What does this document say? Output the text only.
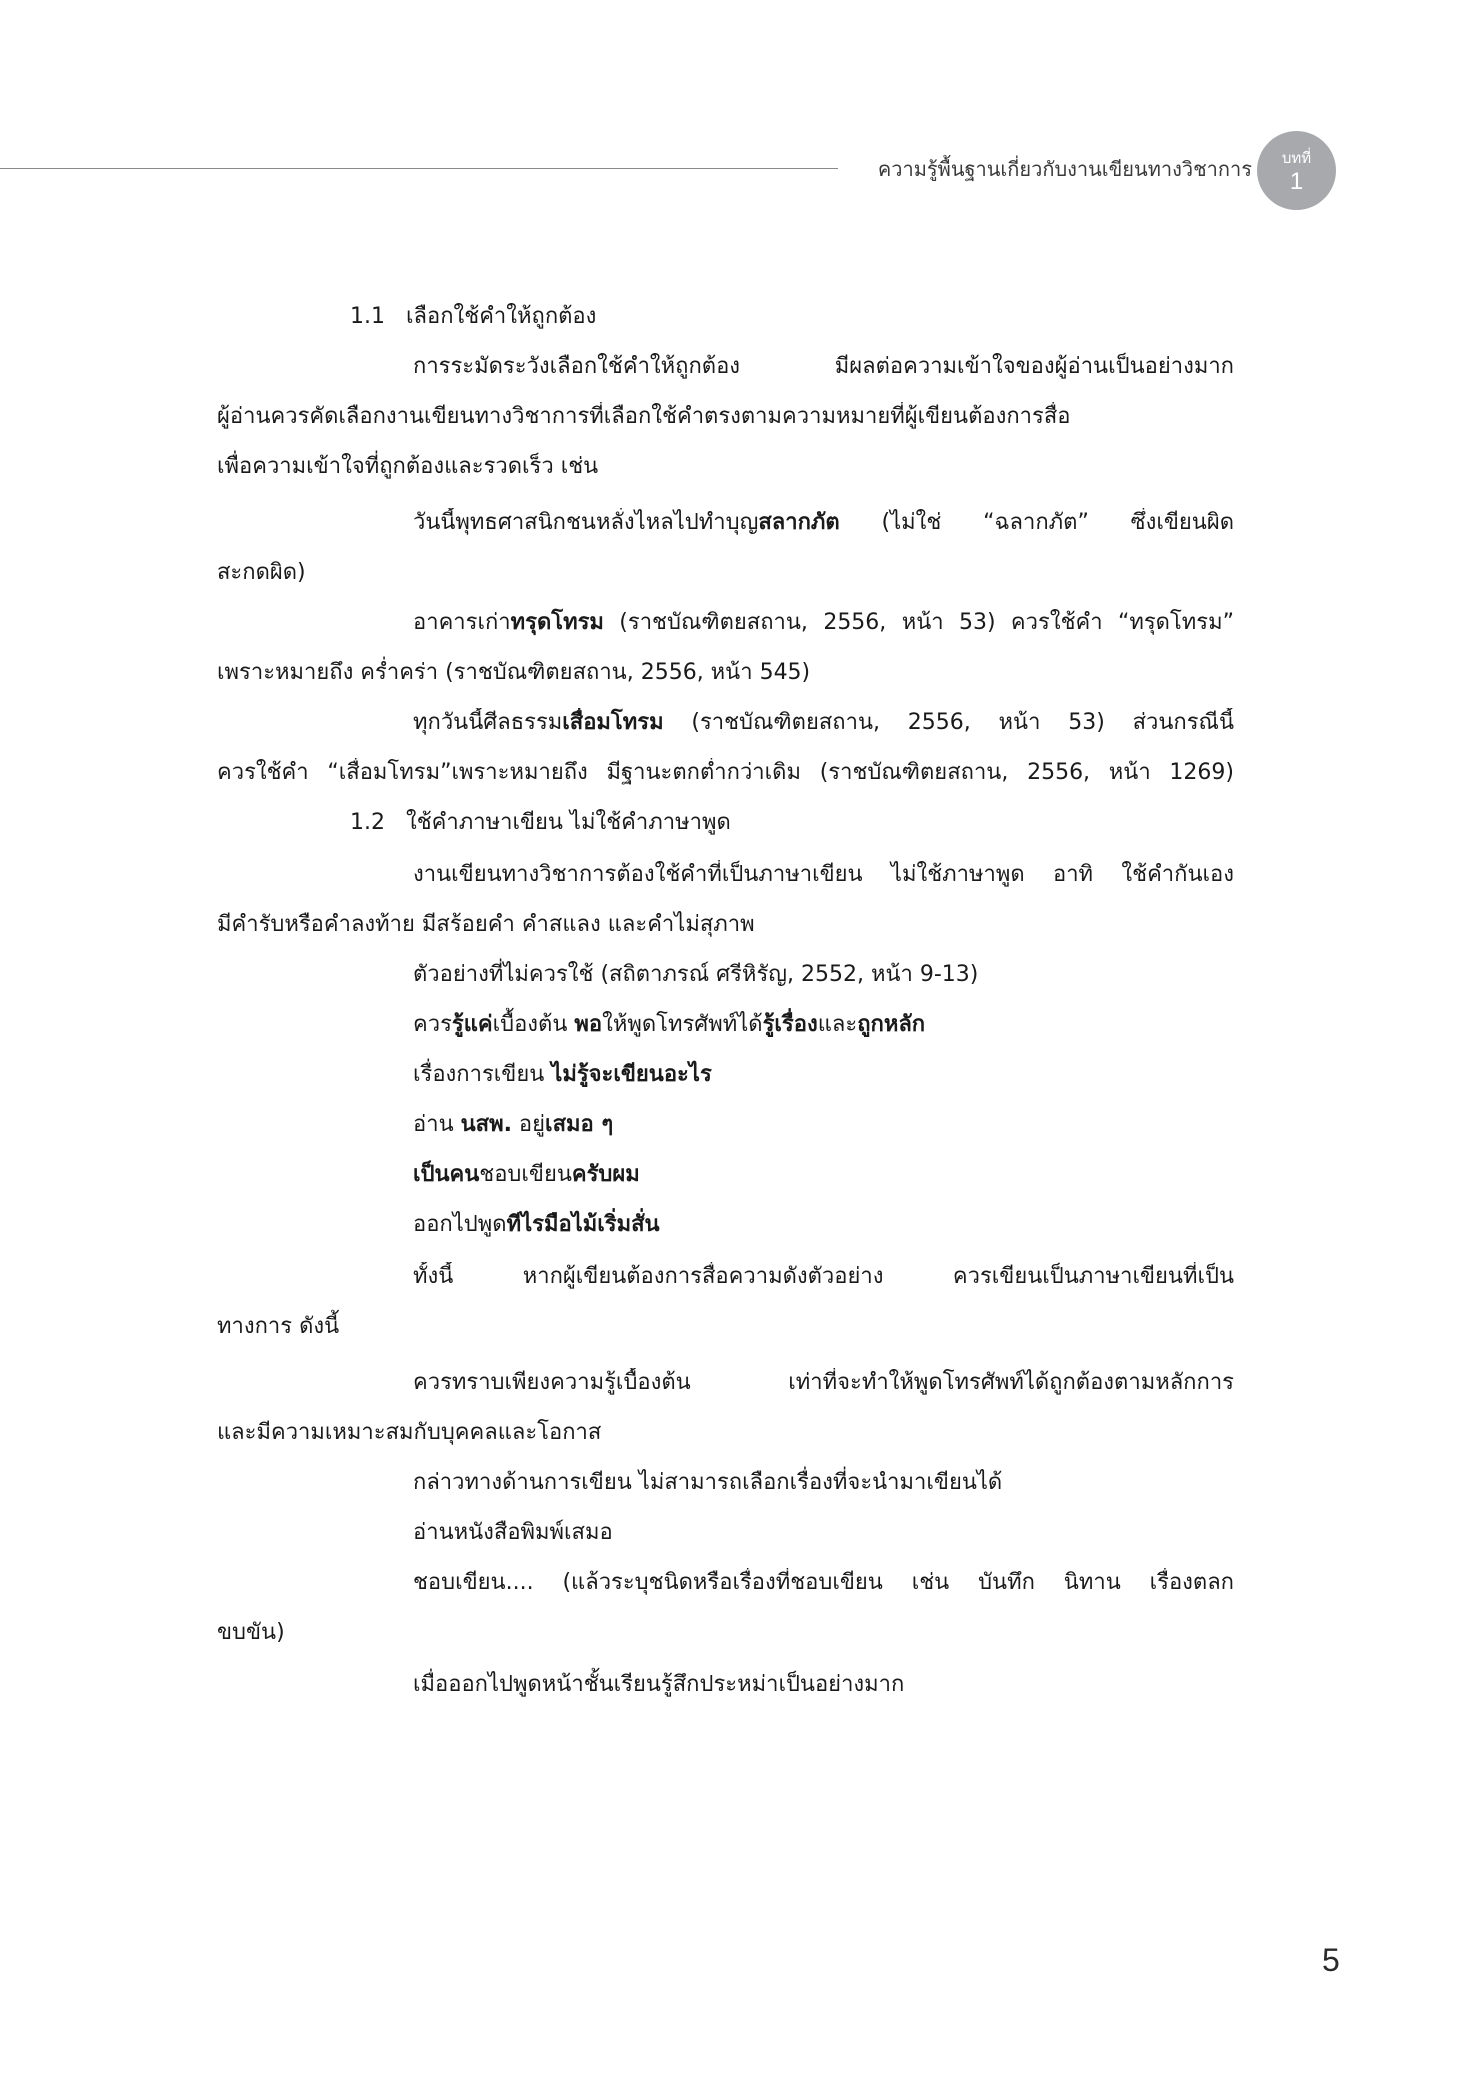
ความรู้พื้นฐานเกี่ยวกับงานเขียนทางวิชาการ	บทที่
1
1.1 เลือกใช้คำให้ถูกต้อง
การระมัดระวังเลือกใช้คำให้ถูกต้อง มีผลต่อความเข้าใจของผู้อ่านเป็นอย่างมาก
ผู้อ่านควรคัดเลือกงานเขียนทางวิชาการที่เลือกใช้คำตรงตามความหมายที่ผู้เขียนต้องการสื่อ
เพื่อความเข้าใจที่ถูกต้องและรวดเร็ว เช่น
วันนี้พุทธศาสนิกชนหลั่งไหลไปทำบุญสลากภัต (ไม่ใช่ “ฉลากภัต” ซึ่งเขียนผิด
สะกดผิด)
อาคารเก่าทรุดโทรม (ราชบัณฑิตยสถาน, 2556, หน้า 53) ควรใช้คำ “ทรุดโทรม”
เพราะหมายถึง คร่ำคร่า (ราชบัณฑิตยสถาน, 2556, หน้า 545)
ทุกวันนี้ศีลธรรมเสื่อมโทรม (ราชบัณฑิตยสถาน, 2556, หน้า 53) ส่วนกรณีนี้
ควรใช้คำ “เสื่อมโทรม”เพราะหมายถึง มีฐานะตกต่ำกว่าเดิม (ราชบัณฑิตยสถาน, 2556, หน้า 1269)
1.2 ใช้คำภาษาเขียน ไม่ใช้คำภาษาพูด
งานเขียนทางวิชาการต้องใช้คำที่เป็นภาษาเขียน ไม่ใช้ภาษาพูด อาทิ ใช้คำกันเอง
มีคำรับหรือคำลงท้าย มีสร้อยคำ คำสแลง และคำไม่สุภาพ
ตัวอย่างที่ไม่ควรใช้ (สถิตาภรณ์ ศรีหิรัญ, 2552, หน้า 9-13)
ควรรู้แค่เบื้องต้น พอให้พูดโทรศัพท์ได้รู้เรื่องและถูกหลัก
เรื่องการเขียน ไม่รู้จะเขียนอะไร
อ่าน นสพ. อยู่เสมอ ๆ
เป็นคนชอบเขียนครับผม
ออกไปพูดทีไรมือไม้เริ่มสั่น
ทั้งนี้ หากผู้เขียนต้องการสื่อความดังตัวอย่าง ควรเขียนเป็นภาษาเขียนที่เป็น
ทางการ ดังนี้
ควรทราบเพียงความรู้เบื้องต้น เท่าที่จะทำให้พูดโทรศัพท์ได้ถูกต้องตามหลักการ
และมีความเหมาะสมกับบุคคลและโอกาส
กล่าวทางด้านการเขียน ไม่สามารถเลือกเรื่องที่จะนำมาเขียนได้
อ่านหนังสือพิมพ์เสมอ
ชอบเขียน.... (แล้วระบุชนิดหรือเรื่องที่ชอบเขียน เช่น บันทึก นิทาน เรื่องตลก
ขบขัน)
เมื่อออกไปพูดหน้าชั้นเรียนรู้สึกประหม่าเป็นอย่างมาก
5
